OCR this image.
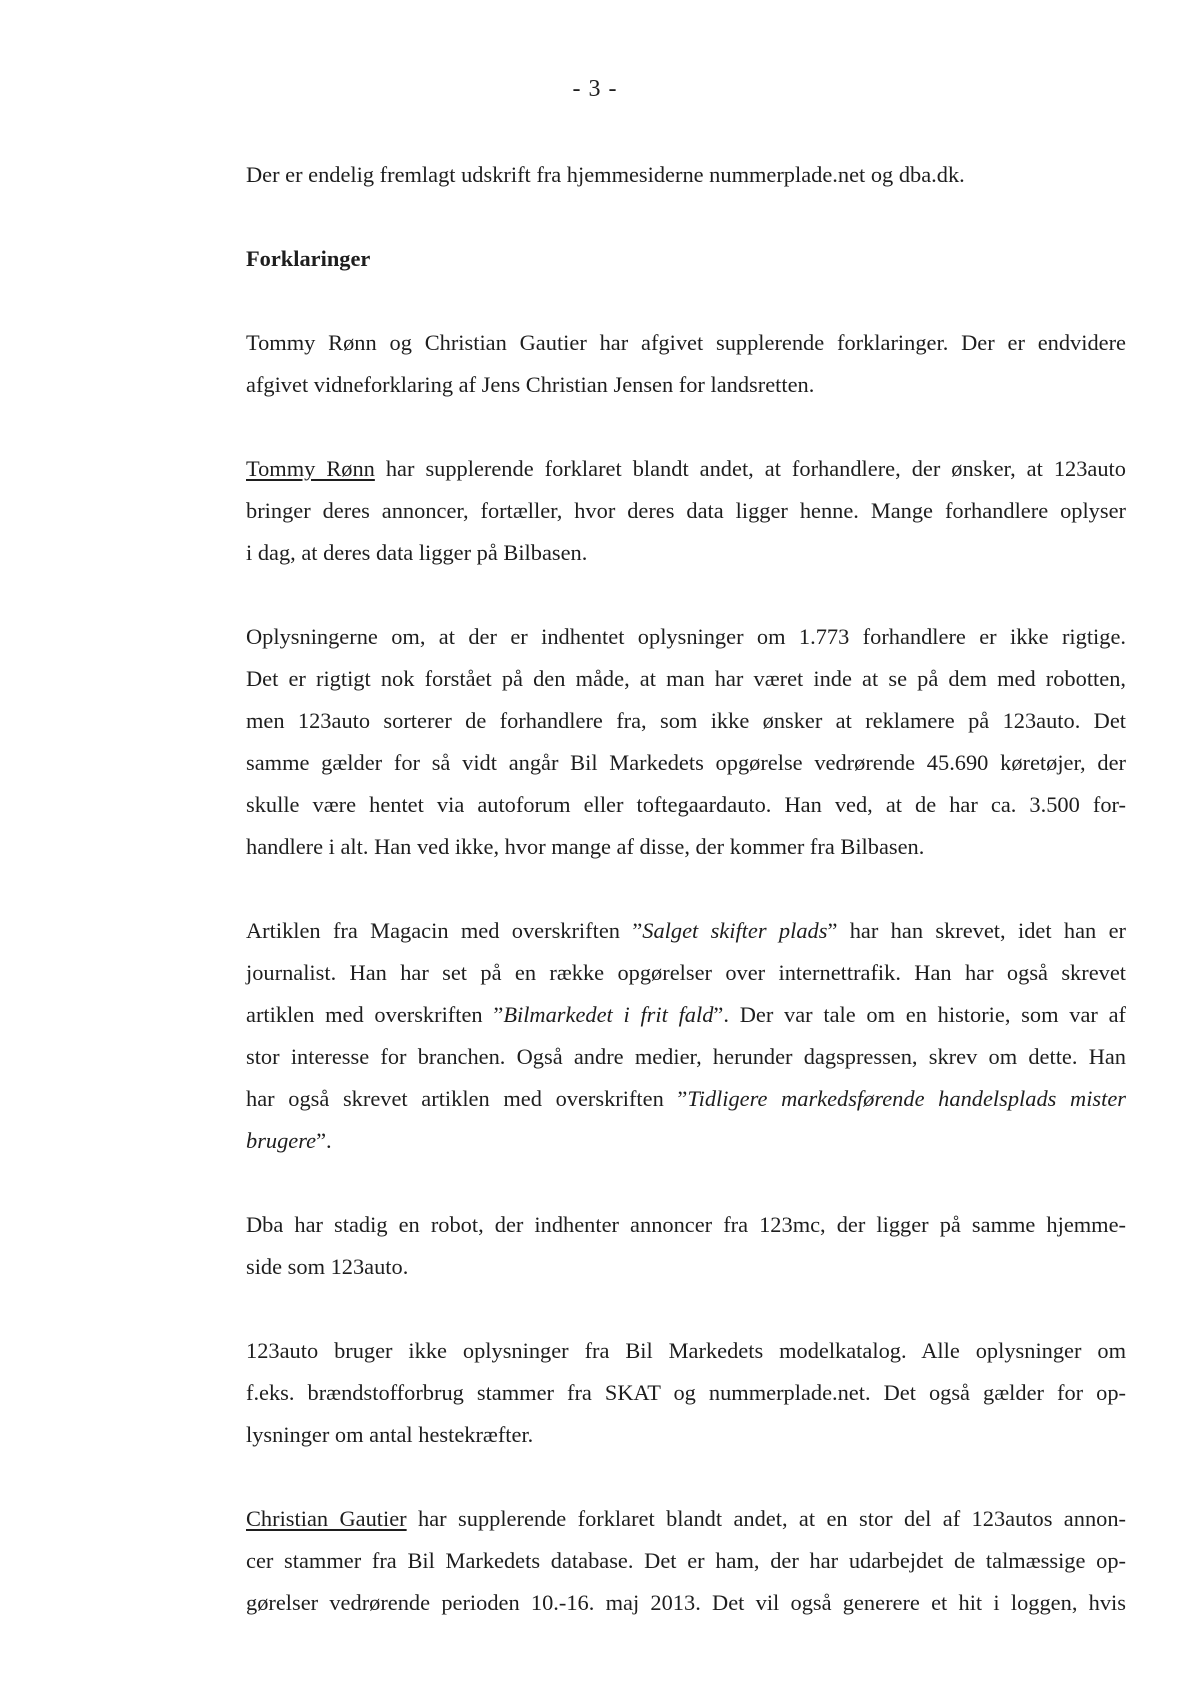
- 3 -

Der er endelig fremlagt udskrift fra hjemmesiderne nummerplade.net og dba.dk.

Forklaringer

Tommy Rønn og Christian Gautier har afgivet supplerende forklaringer. Der er endvidere
afgivet vidneforklaring af Jens Christian Jensen for landsretten.

Tommy Rønn har supplerende forklaret blandt andet, at forhandlere, der ønsker, at 123auto
bringer deres annoncer, fortæller, hvor deres data ligger henne. Mange forhandlere oplyser
i dag, at deres data ligger på Bilbasen.

Oplysningerne om, at der er indhentet oplysninger om 1.773 forhandlere er ikke rigtige.
Det er rigtigt nok forstået på den måde, at man har været inde at se på dem med robotten,
men 123auto sorterer de forhandlere fra, som ikke ønsker at reklamere på 123auto. Det
samme gælder for så vidt angår Bil Markedets opgørelse vedrørende 45.690 køretøjer, der
skulle være hentet via autoforum eller toftegaardauto. Han ved, at de har ca. 3.500 for-
handlere i alt. Han ved ikke, hvor mange af disse, der kommer fra Bilbasen.

Artiklen fra Magacin med overskriften ”Salget skifter plads” har han skrevet, idet han er
journalist. Han har set på en række opgørelser over internettrafik. Han har også skrevet
artiklen med overskriften ”Bilmarkedet i frit fald”. Der var tale om en historie, som var af
stor interesse for branchen. Også andre medier, herunder dagspressen, skrev om dette. Han
har også skrevet artiklen med overskriften ”Tidligere markedsførende handelsplads mister
brugere”.

Dba har stadig en robot, der indhenter annoncer fra 123mc, der ligger på samme hjemme-
side som 123auto.

123auto bruger ikke oplysninger fra Bil Markedets modelkatalog. Alle oplysninger om
f.eks. brændstofforbrug stammer fra SKAT og nummerplade.net. Det også gælder for op-
lysninger om antal hestekræfter.

Christian Gautier har supplerende forklaret blandt andet, at en stor del af 123autos annon-
cer stammer fra Bil Markedets database. Det er ham, der har udarbejdet de talmæssige op-
gørelser vedrørende perioden 10.-16. maj 2013. Det vil også generere et hit i loggen, hvis
